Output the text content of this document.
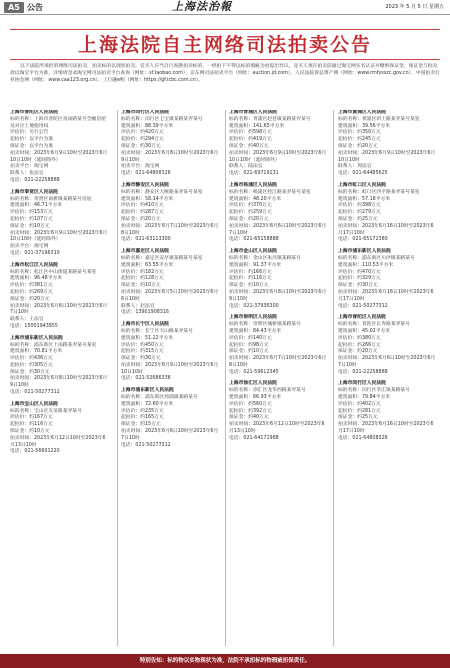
A5 公告	上海法治報	2023 年 5 月 5 日 星期五
上海法院自主网络司法拍卖公告

以下法院所承担的网络司法拍卖，拍卖标的以现状拍卖，竞买人应当自行查勘拍卖标的，一经拍下不得以标的瑕疵为由提出异议。竞买人须在拍卖前通过淘宝网实名认证并缴纳保证金，保证金与拍卖款以淘宝平台为准，详情请登录淘宝网司法拍卖平台查询（网址：sf.taobao.com）、京东网司法拍卖平台（网址：auction.jd.com）、人民法院诉讼资产网（网址：www.rmfysszc.gov.cn）、中国拍卖行业协会网（网址：www.caa123.org.cn）、工行融e购（网址：https://gf.icbc.com.cn）。

上海市普陀区人民法院
标的名称：上海市普陀区真南路某号全幢房屋及对应土地使用权
评估价：另行公告
起拍价：以平台为准
保证金：以平台为准
拍卖时间：2023年6月9日10时至2023年6月10日10时（延时除外）
拍卖平台：淘宝网
联系人：张法官
电话：021-22258888
上海市奉贤区人民法院
标的名称：奉贤区南桥镇某路某号房屋
建筑面积：46.71平方米
评估价：约153万元
起拍价：约107万元
保证金：约10万元
拍卖时间：2023年6月9日10时至2023年6月10日10时（延时除外）
拍卖平台：淘宝网
电话：021-37196310
上海市松江区人民法院
标的名称：松江区中山街道某路某号某室
建筑面积：96.48平方米
评估价：约381万元
起拍价：约269万元
保证金：约20万元
拍卖时间：2023年6月6日10时至2023年6月7日10时
联系人：王法官
电话：15001943955
上海市浦东新区人民法院
标的名称：浦东新区上南路某弄某号某室
建筑面积：70.81平方米
评估价：约436万元
起拍价：约305万元
保证金：约30万元
拍卖时间：2023年6月8日10时至2023年6月9日10时
电话：021-50277312
上海市宝山区人民法院
标的名称：宝山区友谊路某弄某号
评估价：约167万元
起拍价：约116万元
保证金：约10万元
拍卖时间：2023年6月12日10时至2023年6月13日10时
电话：021-56601220
上海市闵行区人民法院
标的名称：闵行区七宝镇某路某弄某号
建筑面积：88.39平方米
评估价：约420万元
起拍价：约294万元
保证金：约30万元
拍卖时间：2023年6月8日10时至2023年6月9日10时
拍卖平台：淘宝网
电话：021-64808326
上海市静安区人民法院
标的名称：静安区大统路某弄某号某室
建筑面积：58.14平方米
评估价：约410万元
起拍价：约287万元
保证金：约20万元
拍卖时间：2023年6月7日10时至2023年6月8日10时
电话：021-63113300
上海市嘉定区人民法院
标的名称：嘉定区安亭镇某路某号某室
建筑面积：63.55平方米
评估价：约182万元
起拍价：约128万元
保证金：约10万元
拍卖时间：2023年6月5日10时至2023年6月6日10时
联系人：赵法官
电话：13901908316
上海市长宁区人民法院
标的名称：长宁区天山路某弄某号
建筑面积：51.22平方米
评估价：约450万元
起拍价：约315万元
保证金：约30万元
拍卖时间：2023年6月9日10时至2023年6月10日10时
电话：021-52686336
上海市浦东新区人民法院
标的名称：浦东新区周浦镇某路某号
建筑面积：72.60平方米
评估价：约235万元
起拍价：约165万元
保证金：约15万元
拍卖时间：2023年6月6日10时至2023年6月7日10时
电话：021-50277312
上海市青浦区人民法院
标的名称：青浦区赵巷镇某路某弄某号
建筑面积：141.65平方米
评估价：约598万元
起拍价：约419万元
保证金：约40万元
拍卖时间：2023年6月9日10时至2023年6月10日10时（延时除外）
联系人：陆法官
电话：021-69719131
上海市杨浦区人民法院
标的名称：杨浦区控江路某弄某号某室
建筑面积：48.20平方米
评估价：约370万元
起拍价：约259万元
保证金：约20万元
拍卖时间：2023年6月6日10时至2023年6月7日10时
电话：021-65158888
上海市金山区人民法院
标的名称：金山区朱泾镇某路某号
建筑面积：91.37平方米
评估价：约166万元
起拍价：约116万元
保证金：约10万元
拍卖时间：2023年6月8日10时至2023年6月9日10时
电话：021-37936300
上海市崇明区人民法院
标的名称：崇明区城桥镇某路某号
建筑面积：84.43平方米
评估价：约140万元
起拍价：约98万元
保证金：约10万元
拍卖时间：2023年6月7日10时至2023年6月8日10时
电话：021-59612345
上海市徐汇区人民法院
标的名称：徐汇区龙华西路某弄某号
建筑面积：66.93平方米
评估价：约560万元
起拍价：约392万元
保证金：约40万元
拍卖时间：2023年6月12日10时至2023年6月13日10时
电话：021-64171988
上海市黄浦区人民法院
标的名称：黄浦区斜土路某弄某号某室
建筑面积：39.56平方米
评估价：约350万元
起拍价：约245万元
保证金：约20万元
拍卖时间：2023年6月9日10时至2023年6月10日10时
联系人：周法官
电话：021-64485625
上海市虹口区人民法院
标的名称：虹口区四平路某弄某号某室
建筑面积：57.18平方米
评估价：约398万元
起拍价：约279万元
保证金：约25万元
拍卖时间：2023年6月16日10时至2023年6月17日10时
电话：021-65172380
上海市浦东新区人民法院
标的名称：浦东新区川沙镇某路某号
建筑面积：110.53平方米
评估价：约470万元
起拍价：约329万元
保证金：约30万元
拍卖时间：2023年6月16日10时至2023年6月17日10时
电话：021-50277312
上海市普陀区人民法院
标的名称：普陀区长寿路某弄某号
建筑面积：45.02平方米
评估价：约380万元
起拍价：约266万元
保证金：约20万元
拍卖时间：2023年6月6日10时至2023年6月7日10时
电话：021-22258888
上海市闵行区人民法院
标的名称：闵行区莘庄镇某路某号
建筑面积：79.84平方米
评估价：约402万元
起拍价：约281万元
保证金：约25万元
拍卖时间：2023年6月16日10时至2023年6月17日10时
电话：021-64808326
特别告知：标的物以实物现状为准，法院不承担标的物瑕疵担保责任。
